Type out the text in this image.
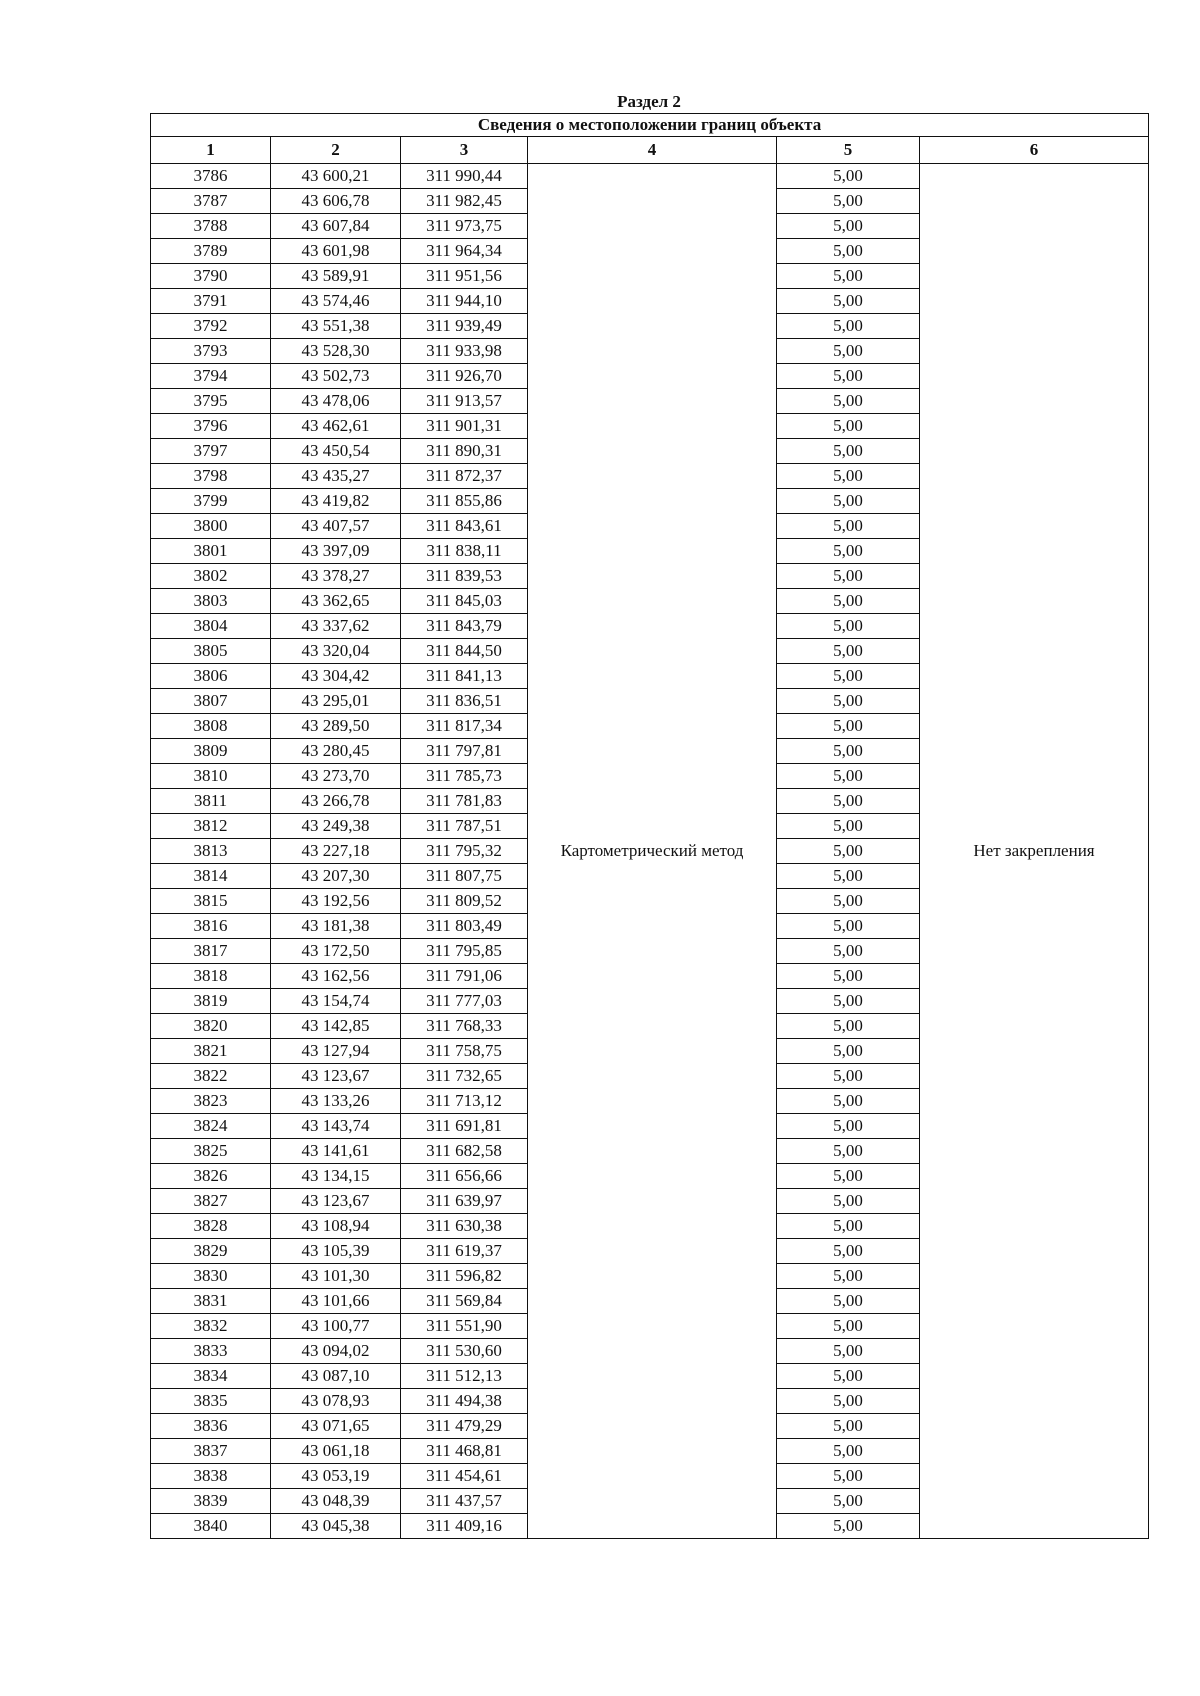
Раздел 2
Сведения о местоположении границ объекта					
1	2	3	4	5	6
3786	43 600,21	311 990,44	Картометрический метод	5,00	Нет закрепления
3787	43 606,78	311 982,45		5,00	
3788	43 607,84	311 973,75		5,00	
3789	43 601,98	311 964,34		5,00	
3790	43 589,91	311 951,56		5,00	
3791	43 574,46	311 944,10		5,00	
3792	43 551,38	311 939,49		5,00	
3793	43 528,30	311 933,98		5,00	
3794	43 502,73	311 926,70		5,00	
3795	43 478,06	311 913,57		5,00	
3796	43 462,61	311 901,31		5,00	
3797	43 450,54	311 890,31		5,00	
3798	43 435,27	311 872,37		5,00	
3799	43 419,82	311 855,86		5,00	
3800	43 407,57	311 843,61		5,00	
3801	43 397,09	311 838,11		5,00	
3802	43 378,27	311 839,53		5,00	
3803	43 362,65	311 845,03		5,00	
3804	43 337,62	311 843,79		5,00	
3805	43 320,04	311 844,50		5,00	
3806	43 304,42	311 841,13		5,00	
3807	43 295,01	311 836,51		5,00	
3808	43 289,50	311 817,34		5,00	
3809	43 280,45	311 797,81		5,00	
3810	43 273,70	311 785,73		5,00	
3811	43 266,78	311 781,83		5,00	
3812	43 249,38	311 787,51		5,00	
3813	43 227,18	311 795,32		5,00	
3814	43 207,30	311 807,75		5,00	
3815	43 192,56	311 809,52		5,00	
3816	43 181,38	311 803,49		5,00	
3817	43 172,50	311 795,85		5,00	
3818	43 162,56	311 791,06		5,00	
3819	43 154,74	311 777,03		5,00	
3820	43 142,85	311 768,33		5,00	
3821	43 127,94	311 758,75		5,00	
3822	43 123,67	311 732,65		5,00	
3823	43 133,26	311 713,12		5,00	
3824	43 143,74	311 691,81		5,00	
3825	43 141,61	311 682,58		5,00	
3826	43 134,15	311 656,66		5,00	
3827	43 123,67	311 639,97		5,00	
3828	43 108,94	311 630,38		5,00	
3829	43 105,39	311 619,37		5,00	
3830	43 101,30	311 596,82		5,00	
3831	43 101,66	311 569,84		5,00	
3832	43 100,77	311 551,90		5,00	
3833	43 094,02	311 530,60		5,00	
3834	43 087,10	311 512,13		5,00	
3835	43 078,93	311 494,38		5,00	
3836	43 071,65	311 479,29		5,00	
3837	43 061,18	311 468,81		5,00	
3838	43 053,19	311 454,61		5,00	
3839	43 048,39	311 437,57		5,00	
3840	43 045,38	311 409,16		5,00	
